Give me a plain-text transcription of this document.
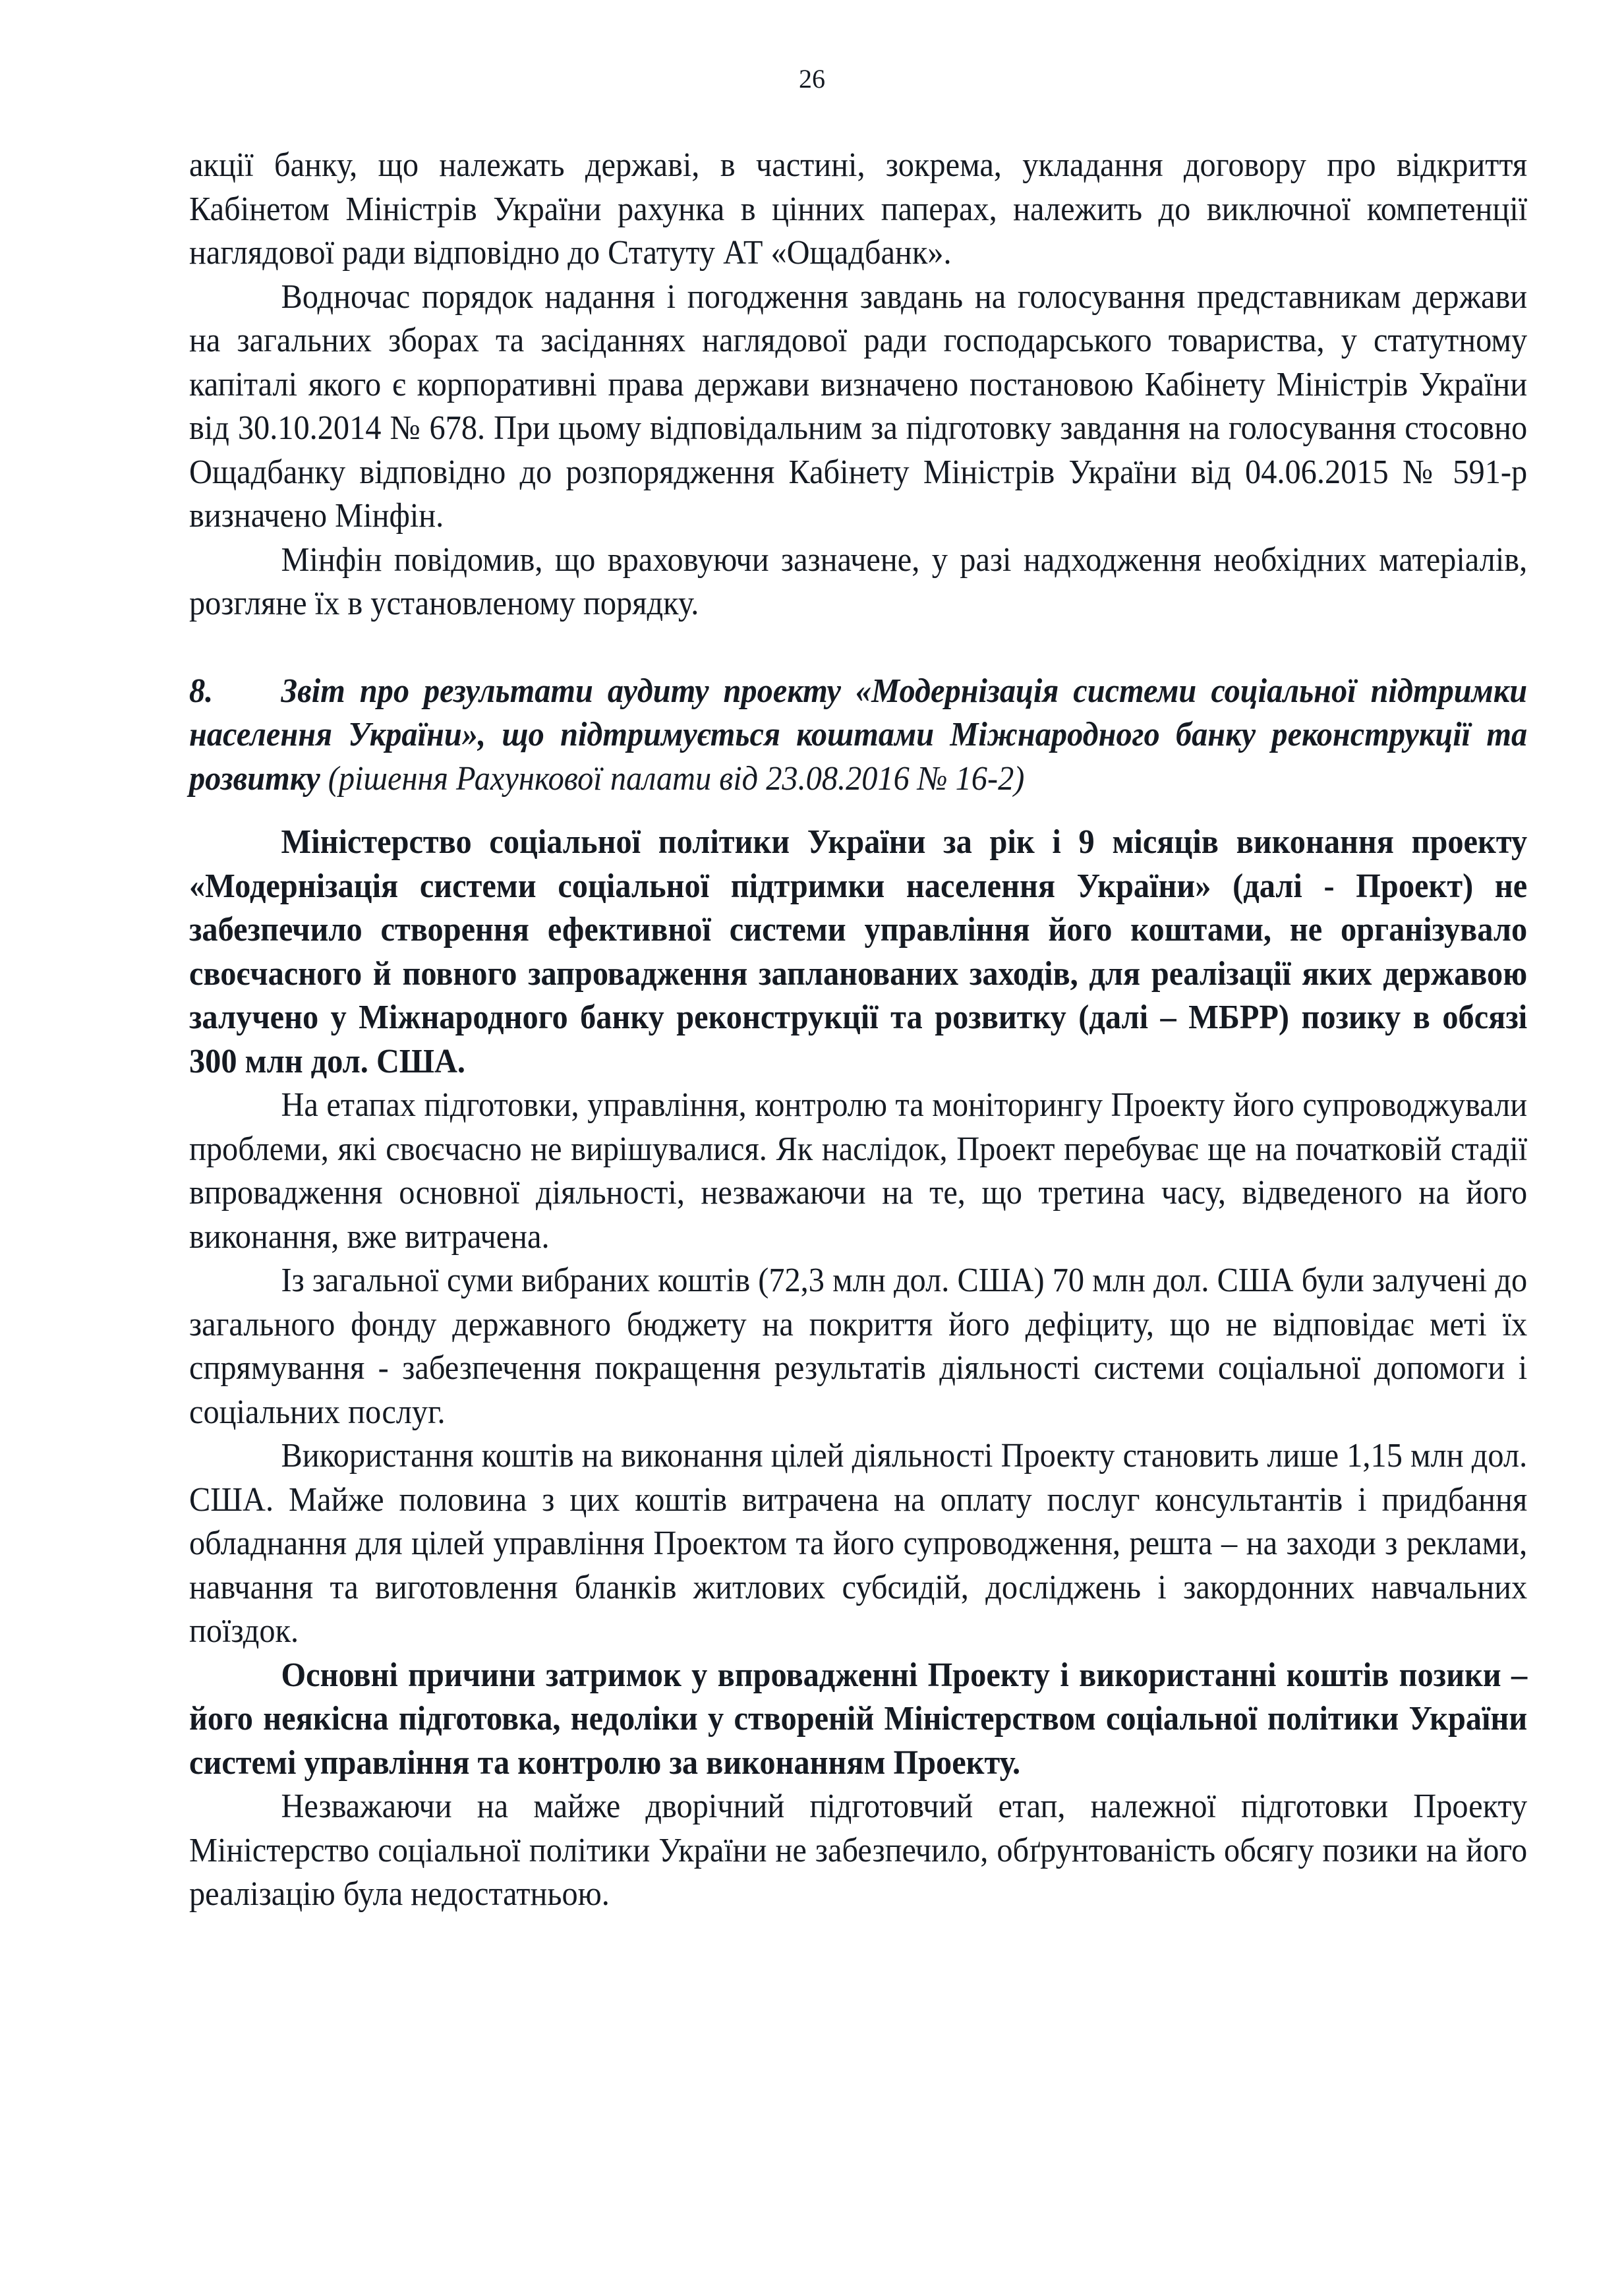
26

акції банку, що належать державі, в частині, зокрема, укладання договору про відкриття Кабінетом Міністрів України рахунка в цінних паперах, належить до виключної компетенції наглядової ради відповідно до Статуту АТ «Ощадбанк».

Водночас порядок надання і погодження завдань на голосування представникам держави на загальних зборах та засіданнях наглядової ради господарського товариства, у статутному капіталі якого є корпоративні права держави визначено постановою Кабінету Міністрів України від 30.10.2014 № 678. При цьому відповідальним за підготовку завдання на голосування стосовно Ощадбанку відповідно до розпорядження Кабінету Міністрів України від 04.06.2015 № 591-р визначено Мінфін.

Мінфін повідомив, що враховуючи зазначене, у разі надходження необхідних матеріалів, розгляне їх в установленому порядку.

8. Звіт про результати аудиту проекту «Модернізація системи соціальної підтримки населення України», що підтримується коштами Міжнародного банку реконструкції та розвитку (рішення Рахункової палати від 23.08.2016 № 16-2)

Міністерство соціальної політики України за рік і 9 місяців виконання проекту «Модернізація системи соціальної підтримки населення України» (далі - Проект) не забезпечило створення ефективної системи управління його коштами, не організувало своєчасного й повного запровадження запланованих заходів, для реалізації яких державою залучено у Міжнародного банку реконструкції та розвитку (далі – МБРР) позику в обсязі 300 млн дол. США.

На етапах підготовки, управління, контролю та моніторингу Проекту його супроводжували проблеми, які своєчасно не вирішувалися. Як наслідок, Проект перебуває ще на початковій стадії впровадження основної діяльності, незважаючи на те, що третина часу, відведеного на його виконання, вже витрачена.

Із загальної суми вибраних коштів (72,3 млн дол. США) 70 млн дол. США були залучені до загального фонду державного бюджету на покриття його дефіциту, що не відповідає меті їх спрямування - забезпечення покращення результатів діяльності системи соціальної допомоги і соціальних послуг.

Використання коштів на виконання цілей діяльності Проекту становить лише 1,15 млн дол. США. Майже половина з цих коштів витрачена на оплату послуг консультантів і придбання обладнання для цілей управління Проектом та його супроводження, решта – на заходи з реклами, навчання та виготовлення бланків житлових субсидій, досліджень і закордонних навчальних поїздок.

Основні причини затримок у впровадженні Проекту і використанні коштів позики – його неякісна підготовка, недоліки у створеній Міністерством соціальної політики України системі управління та контролю за виконанням Проекту.

Незважаючи на майже дворічний підготовчий етап, належної підготовки Проекту Міністерство соціальної політики України не забезпечило, обґрунтованість обсягу позики на його реалізацію була недостатньою.
